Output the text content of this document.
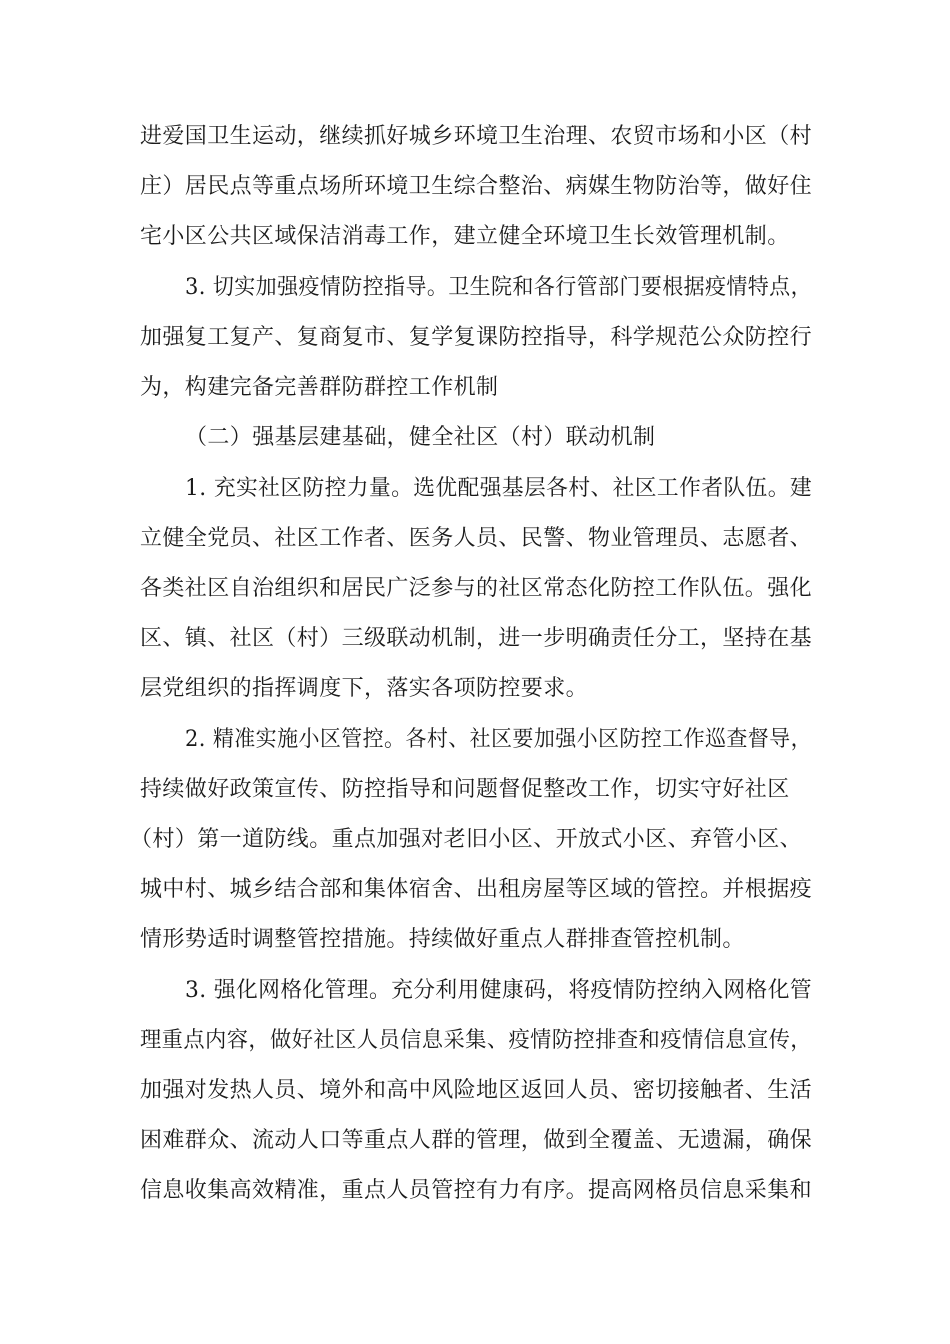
进爱国卫生运动，继续抓好城乡环境卫生治理、农贸市场和小区（村
庄）居民点等重点场所环境卫生综合整治、病媒生物防治等，做好住
宅小区公共区域保洁消毒工作，建立健全环境卫生长效管理机制。
3. 切实加强疫情防控指导。卫生院和各行管部门要根据疫情特点，
加强复工复产、复商复市、复学复课防控指导，科学规范公众防控行
为，构建完备完善群防群控工作机制
（二）强基层建基础，健全社区（村）联动机制
1. 充实社区防控力量。选优配强基层各村、社区工作者队伍。建
立健全党员、社区工作者、医务人员、民警、物业管理员、志愿者、
各类社区自治组织和居民广泛参与的社区常态化防控工作队伍。强化
区、镇、社区（村）三级联动机制，进一步明确责任分工，坚持在基
层党组织的指挥调度下，落实各项防控要求。
2. 精准实施小区管控。各村、社区要加强小区防控工作巡查督导，
持续做好政策宣传、防控指导和问题督促整改工作，切实守好社区
（村）第一道防线。重点加强对老旧小区、开放式小区、弃管小区、
城中村、城乡结合部和集体宿舍、出租房屋等区域的管控。并根据疫
情形势适时调整管控措施。持续做好重点人群排查管控机制。
3. 强化网格化管理。充分利用健康码，将疫情防控纳入网格化管
理重点内容，做好社区人员信息采集、疫情防控排查和疫情信息宣传，
加强对发热人员、境外和高中风险地区返回人员、密切接触者、生活
困难群众、流动人口等重点人群的管理，做到全覆盖、无遗漏，确保
信息收集高效精准，重点人员管控有力有序。提高网格员信息采集和
